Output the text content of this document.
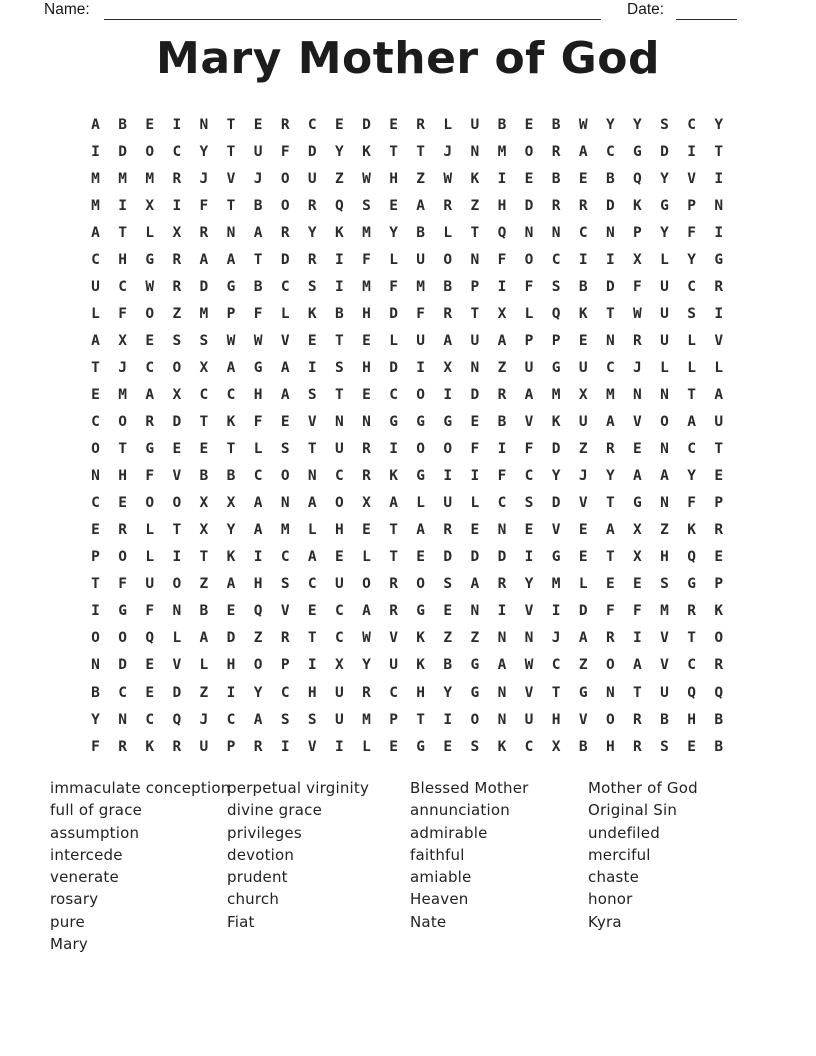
Name:	Date:
Mary Mother of God
A	B	E	I	N	T	E	R	C	E	D	E	R	L	U	B	E	B	W	Y	Y	S	C	Y
I	D	O	C	Y	T	U	F	D	Y	K	T	T	J	N	M	O	R	A	C	G	D	I	T
M	M	M	R	J	V	J	O	U	Z	W	H	Z	W	K	I	E	B	E	B	Q	Y	V	I
M	I	X	I	F	T	B	O	R	Q	S	E	A	R	Z	H	D	R	R	D	K	G	P	N
A	T	L	X	R	N	A	R	Y	K	M	Y	B	L	T	Q	N	N	C	N	P	Y	F	I
C	H	G	R	A	A	T	D	R	I	F	L	U	O	N	F	O	C	I	I	X	L	Y	G
U	C	W	R	D	G	B	C	S	I	M	F	M	B	P	I	F	S	B	D	F	U	C	R
L	F	O	Z	M	P	F	L	K	B	H	D	F	R	T	X	L	Q	K	T	W	U	S	I
A	X	E	S	S	W	W	V	E	T	E	L	U	A	U	A	P	P	E	N	R	U	L	V
T	J	C	O	X	A	G	A	I	S	H	D	I	X	N	Z	U	G	U	C	J	L	L	L
E	M	A	X	C	C	H	A	S	T	E	C	O	I	D	R	A	M	X	M	N	N	T	A
C	O	R	D	T	K	F	E	V	N	N	G	G	G	E	B	V	K	U	A	V	O	A	U
O	T	G	E	E	T	L	S	T	U	R	I	O	O	F	I	F	D	Z	R	E	N	C	T
N	H	F	V	B	B	C	O	N	C	R	K	G	I	I	F	C	Y	J	Y	A	A	Y	E
C	E	O	O	X	X	A	N	A	O	X	A	L	U	L	C	S	D	V	T	G	N	F	P
E	R	L	T	X	Y	A	M	L	H	E	T	A	R	E	N	E	V	E	A	X	Z	K	R
P	O	L	I	T	K	I	C	A	E	L	T	E	D	D	D	I	G	E	T	X	H	Q	E
T	F	U	O	Z	A	H	S	C	U	O	R	O	S	A	R	Y	M	L	E	E	S	G	P
I	G	F	N	B	E	Q	V	E	C	A	R	G	E	N	I	V	I	D	F	F	M	R	K
O	O	Q	L	A	D	Z	R	T	C	W	V	K	Z	Z	N	N	J	A	R	I	V	T	O
N	D	E	V	L	H	O	P	I	X	Y	U	K	B	G	A	W	C	Z	O	A	V	C	R
B	C	E	D	Z	I	Y	C	H	U	R	C	H	Y	G	N	V	T	G	N	T	U	Q	Q
Y	N	C	Q	J	C	A	S	S	U	M	P	T	I	O	N	U	H	V	O	R	B	H	B
F	R	K	R	U	P	R	I	V	I	L	E	G	E	S	K	C	X	B	H	R	S	E	B
immaculate conception
full of grace
assumption
intercede
venerate
rosary
pure
Mary
perpetual virginity
divine grace
privileges
devotion
prudent
church
Fiat
Blessed Mother
annunciation
admirable
faithful
amiable
Heaven
Nate
Mother of God
Original Sin
undefiled
merciful
chaste
honor
Kyra
